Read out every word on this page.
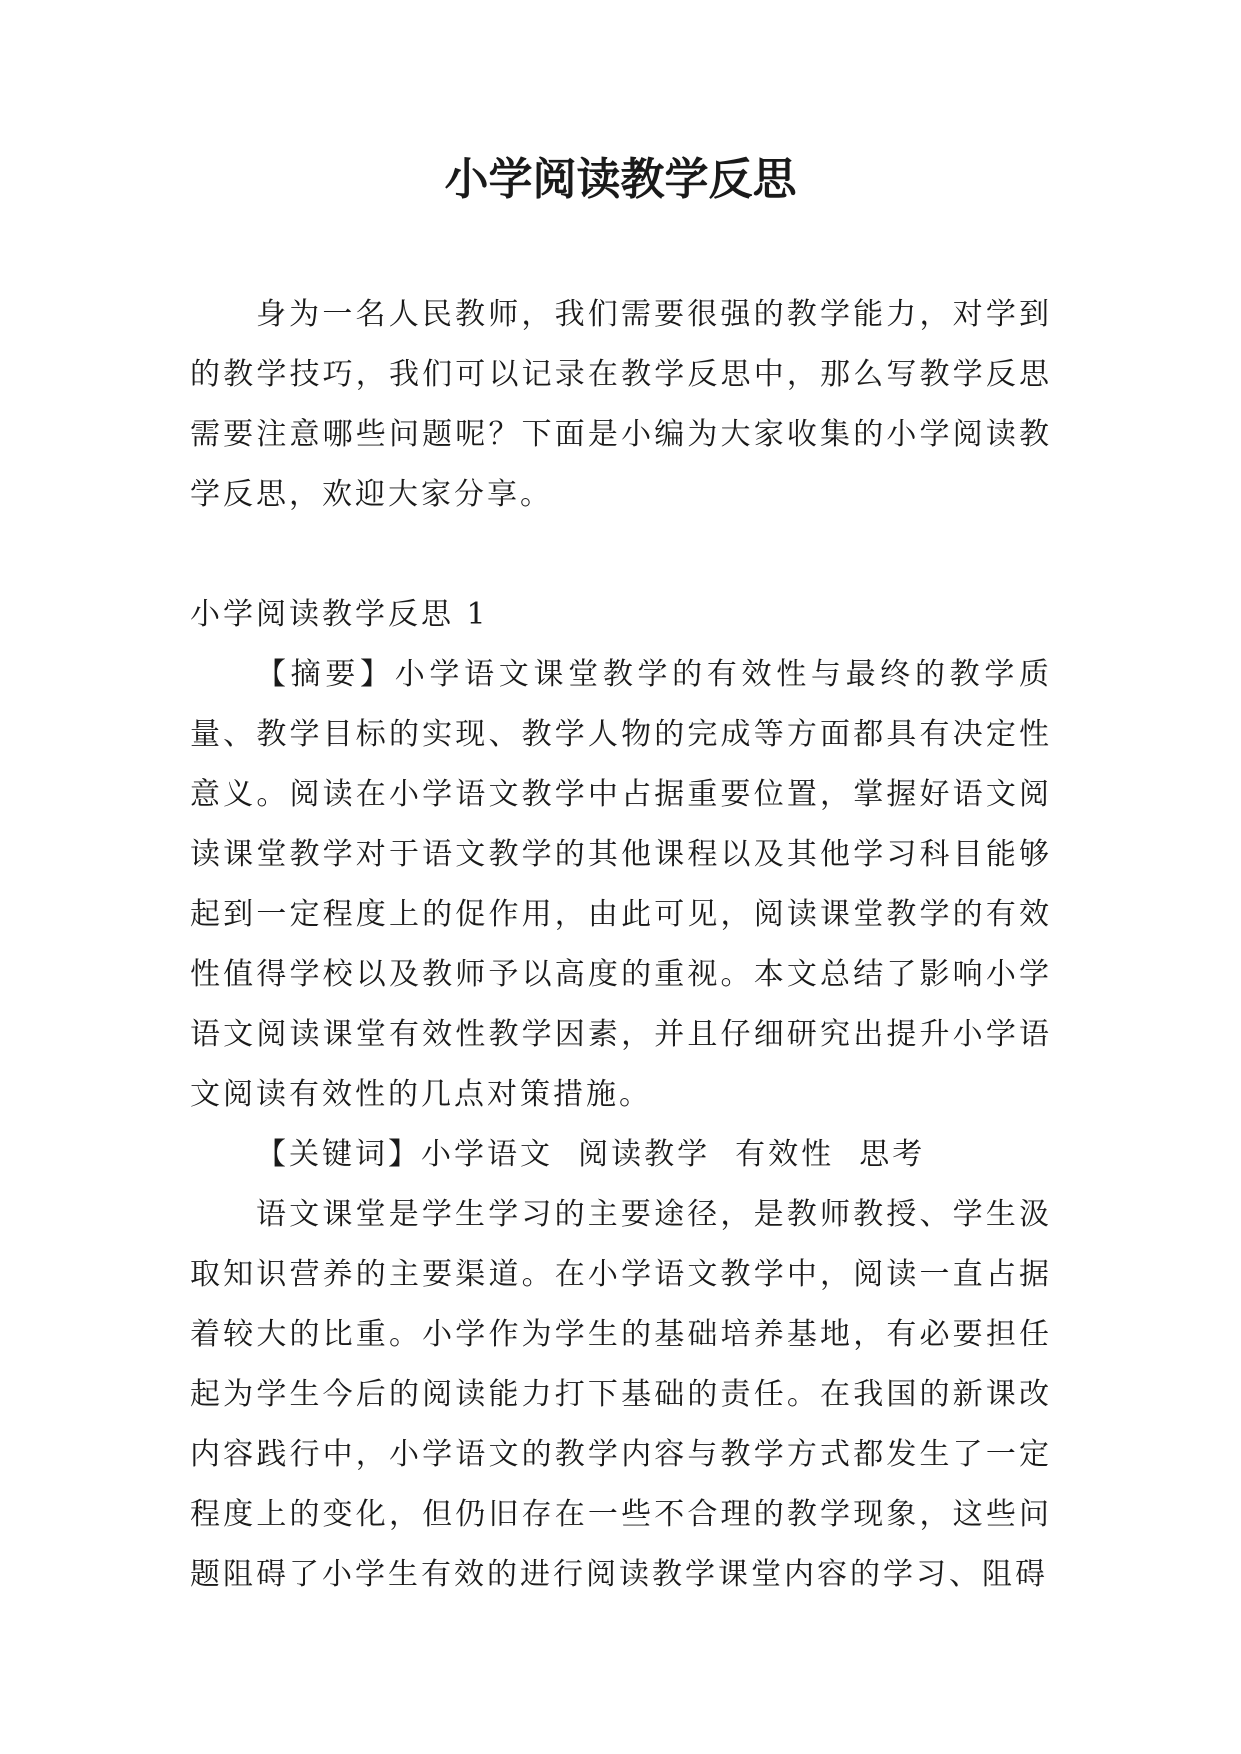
小学阅读教学反思

身为一名人民教师，我们需要很强的教学能力，对学到的教学技巧，我们可以记录在教学反思中，那么写教学反思需要注意哪些问题呢？下面是小编为大家收集的小学阅读教学反思，欢迎大家分享。

小学阅读教学反思 1

【摘要】小学语文课堂教学的有效性与最终的教学质量、教学目标的实现、教学人物的完成等方面都具有决定性意义。阅读在小学语文教学中占据重要位置，掌握好语文阅读课堂教学对于语文教学的其他课程以及其他学习科目能够起到一定程度上的促作用，由此可见，阅读课堂教学的有效性值得学校以及教师予以高度的重视。本文总结了影响小学语文阅读课堂有效性教学因素，并且仔细研究出提升小学语文阅读有效性的几点对策措施。

【关键词】小学语文  阅读教学  有效性  思考

语文课堂是学生学习的主要途径，是教师教授、学生汲取知识营养的主要渠道。在小学语文教学中，阅读一直占据着较大的比重。小学作为学生的基础培养基地，有必要担任起为学生今后的阅读能力打下基础的责任。在我国的新课改内容践行中，小学语文的教学内容与教学方式都发生了一定程度上的变化，但仍旧存在一些不合理的教学现象，这些问题阻碍了小学生有效的进行阅读教学课堂内容的学习、阻碍
